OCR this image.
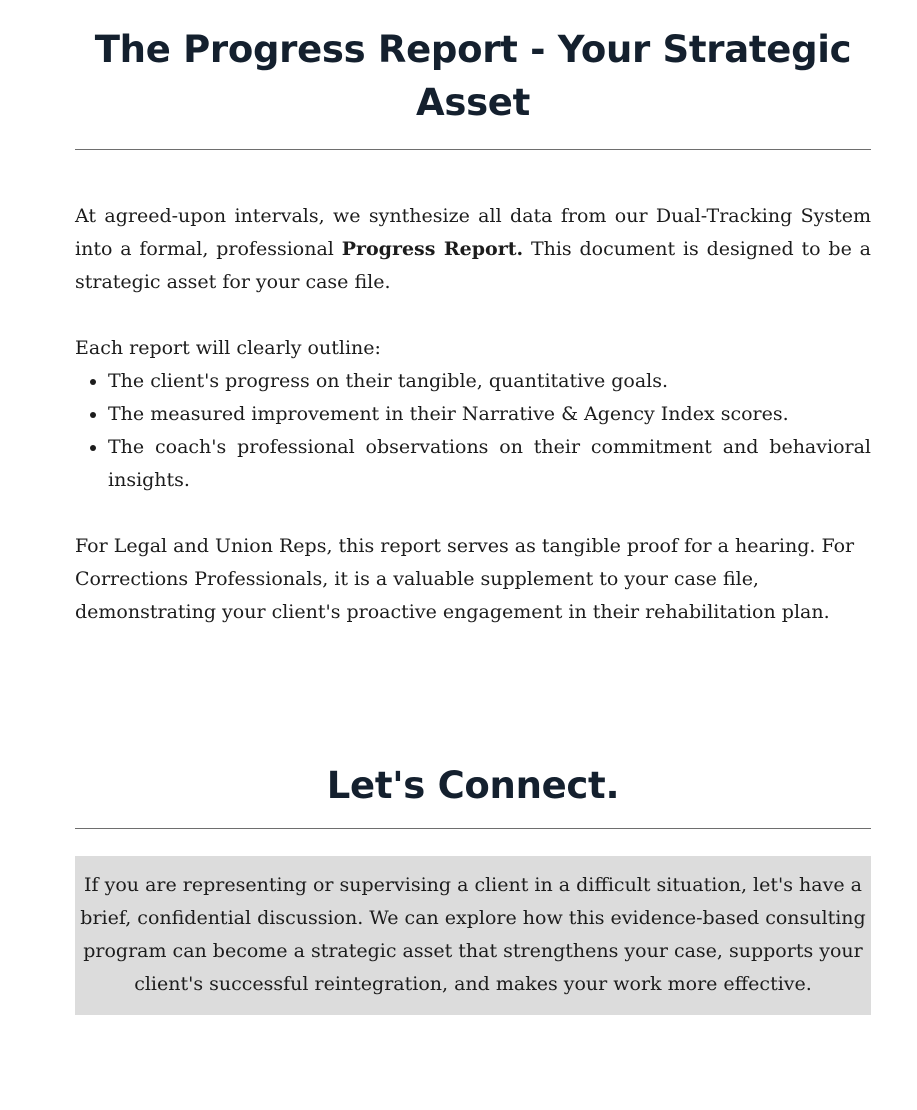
The Progress Report - Your Strategic Asset

At agreed-upon intervals, we synthesize all data from our Dual-Tracking System into a formal, professional Progress Report. This document is designed to be a strategic asset for your case file.

Each report will clearly outline:

• The client's progress on their tangible, quantitative goals.
• The measured improvement in their Narrative & Agency Index scores.
• The coach's professional observations on their commitment and behavioral insights.

For Legal and Union Reps, this report serves as tangible proof for a hearing. For Corrections Professionals, it is a valuable supplement to your case file, demonstrating your client's proactive engagement in their rehabilitation plan.

Let's Connect.

If you are representing or supervising a client in a difficult situation, let's have a brief, confidential discussion. We can explore how this evidence-based consulting program can become a strategic asset that strengthens your case, supports your client's successful reintegration, and makes your work more effective.
